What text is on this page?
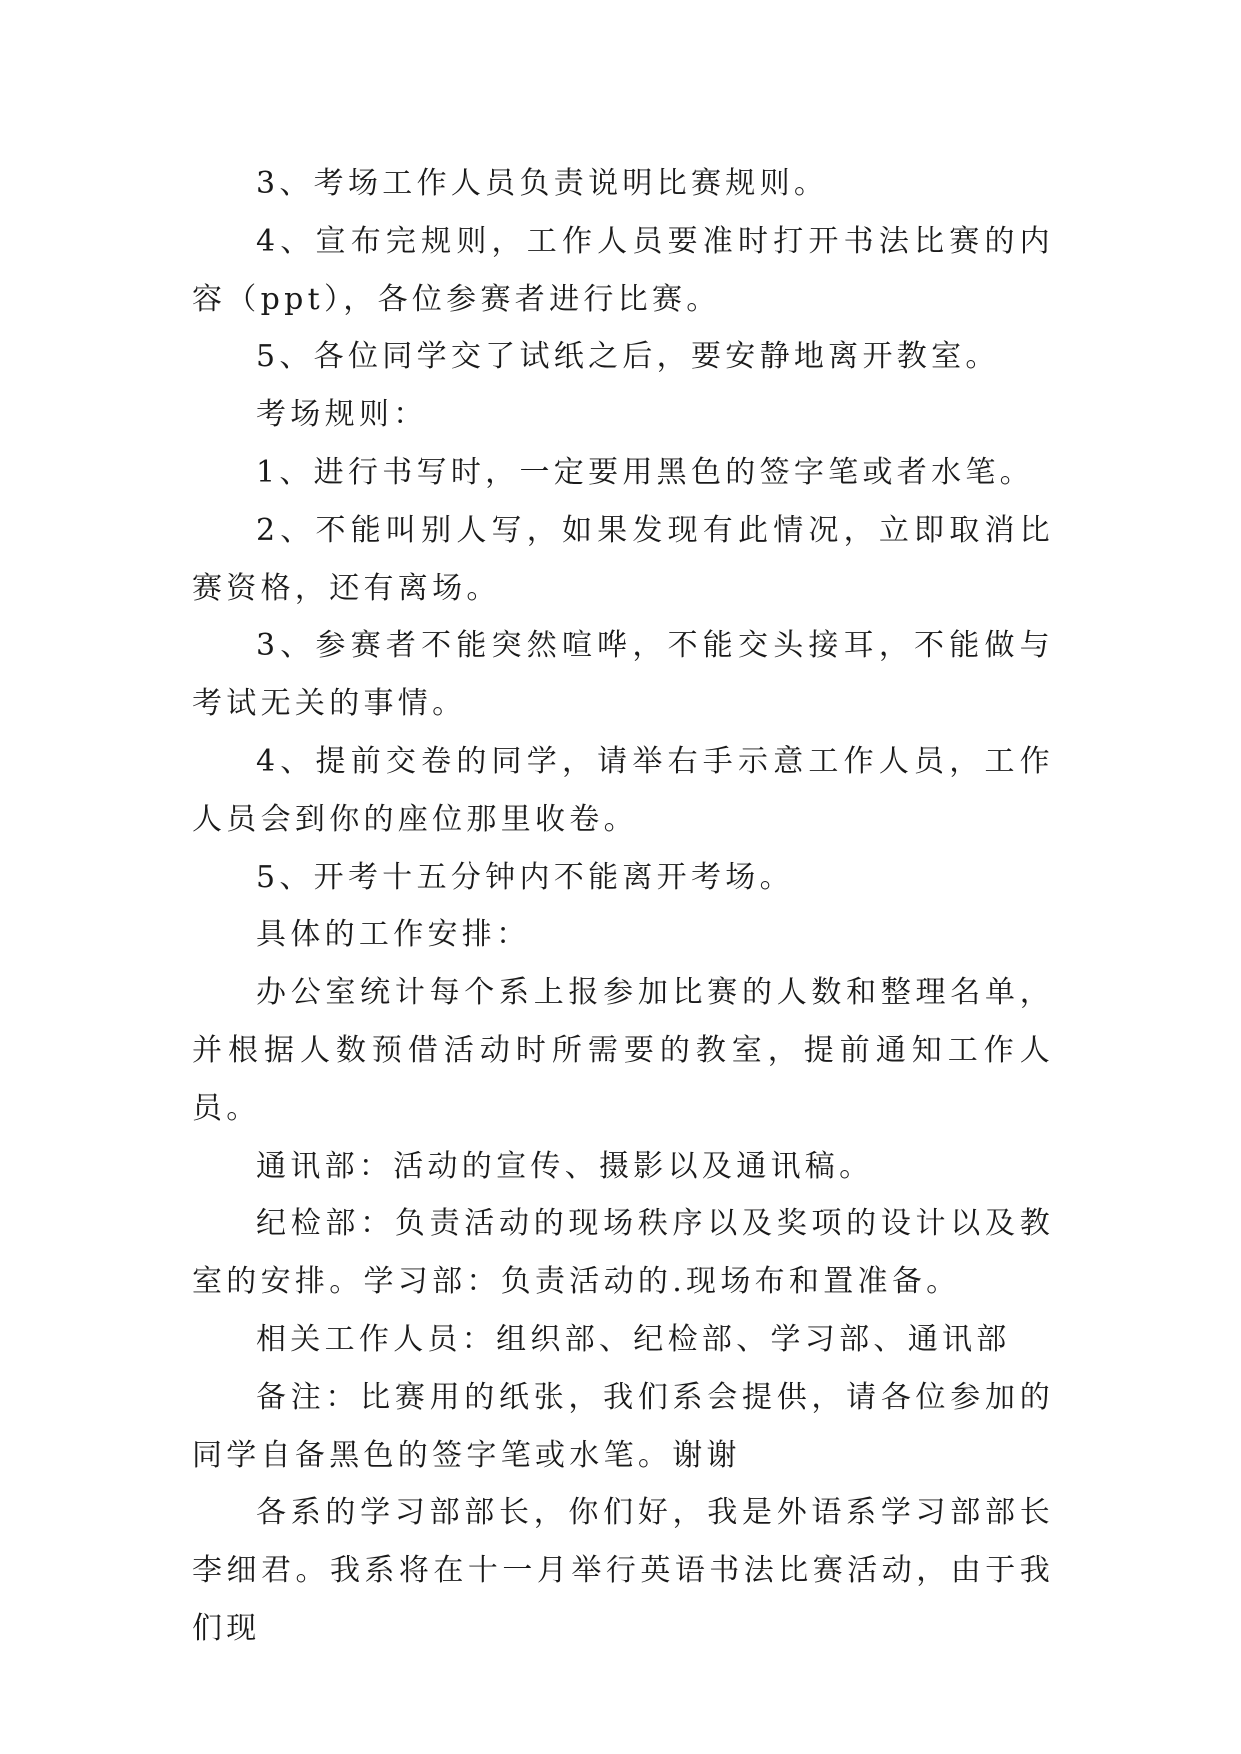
3、考场工作人员负责说明比赛规则。

4、宣布完规则，工作人员要准时打开书法比赛的内容（ppt），各位参赛者进行比赛。

5、各位同学交了试纸之后，要安静地离开教室。

考场规则：

1、进行书写时，一定要用黑色的签字笔或者水笔。

2、不能叫别人写，如果发现有此情况，立即取消比赛资格，还有离场。

3、参赛者不能突然喧哗，不能交头接耳，不能做与考试无关的事情。

4、提前交卷的同学，请举右手示意工作人员，工作人员会到你的座位那里收卷。

5、开考十五分钟内不能离开考场。

具体的工作安排：

办公室统计每个系上报参加比赛的人数和整理名单，并根据人数预借活动时所需要的教室，提前通知工作人员。

通讯部：活动的宣传、摄影以及通讯稿。

纪检部：负责活动的现场秩序以及奖项的设计以及教室的安排。学习部：负责活动的.现场布和置准备。

相关工作人员：组织部、纪检部、学习部、通讯部

备注：比赛用的纸张，我们系会提供，请各位参加的同学自备黑色的签字笔或水笔。谢谢

各系的学习部部长，你们好，我是外语系学习部部长李细君。我系将在十一月举行英语书法比赛活动，由于我们现
